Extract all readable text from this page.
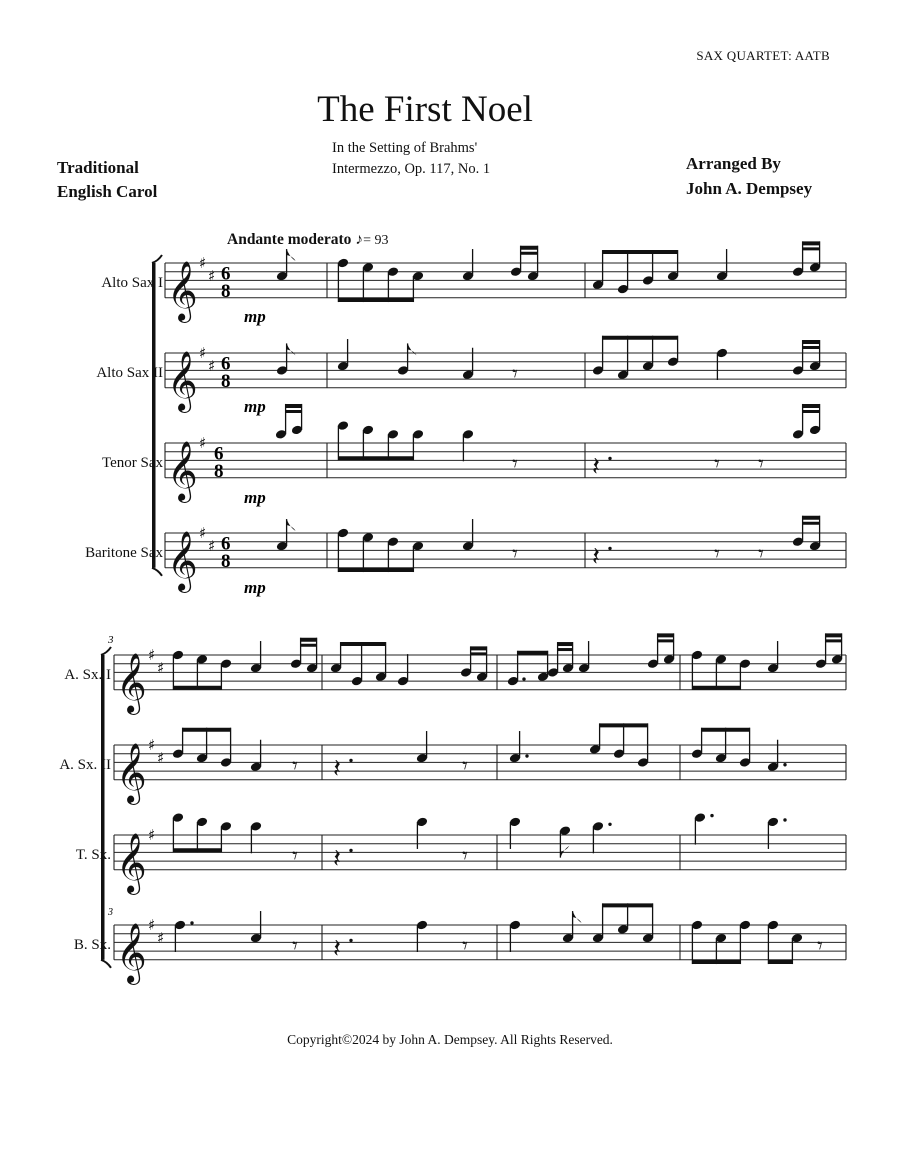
SAX QUARTET: AATB
The First Noel
In the Setting of Brahms'
Intermezzo, Op. 117, No. 1
Traditional
English Carol
Arranged By
John A. Dempsey
Andante moderato ♪= 93
𝄞 ♯
♯ 6
8
𝄞 ♯
♯ 6
8
𝄞 ♯
6
8
𝄞 ♯
♯ 6
8
𝄾
𝄾	𝄽	𝄾 𝄾
𝄾	𝄽	𝄾 𝄾
𝄞 ♯
♯
𝄞 ♯
♯
𝄞 ♯
𝄞 ♯
♯
𝄾 𝄽	𝄾
𝄾 𝄽	𝄾
𝄾 𝄽	𝄾	𝄾
Alto Sax I
Alto Sax II
Tenor Sax
Baritone Sax
A. Sx. I
A. Sx. II
T. Sx.
B. Sx.
3
3
mp
mp
mp
mp
Copyright©2024 by John A. Dempsey. All Rights Reserved.
